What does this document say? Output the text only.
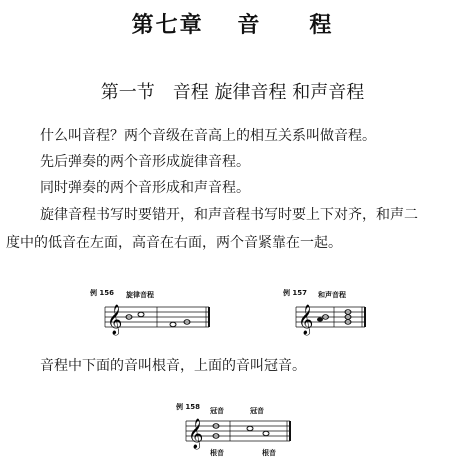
第七章　 音　　程
第一节　音程 旋律音程 和声音程
什么叫音程？两个音级在音高上的相互关系叫做音程。
先后弹奏的两个音形成旋律音程。
同时弹奏的两个音形成和声音程。
旋律音程书写时要错开，和声音程书写时要上下对齐，和声二
度中的低音在左面，高音在右面，两个音紧靠在一起。
例 156 旋律音程
𝄞
例 157 和声音程
𝄞
音程中下面的音叫根音，上面的音叫冠音。
例 158 冠音	冠音
𝄞
根音	根音
